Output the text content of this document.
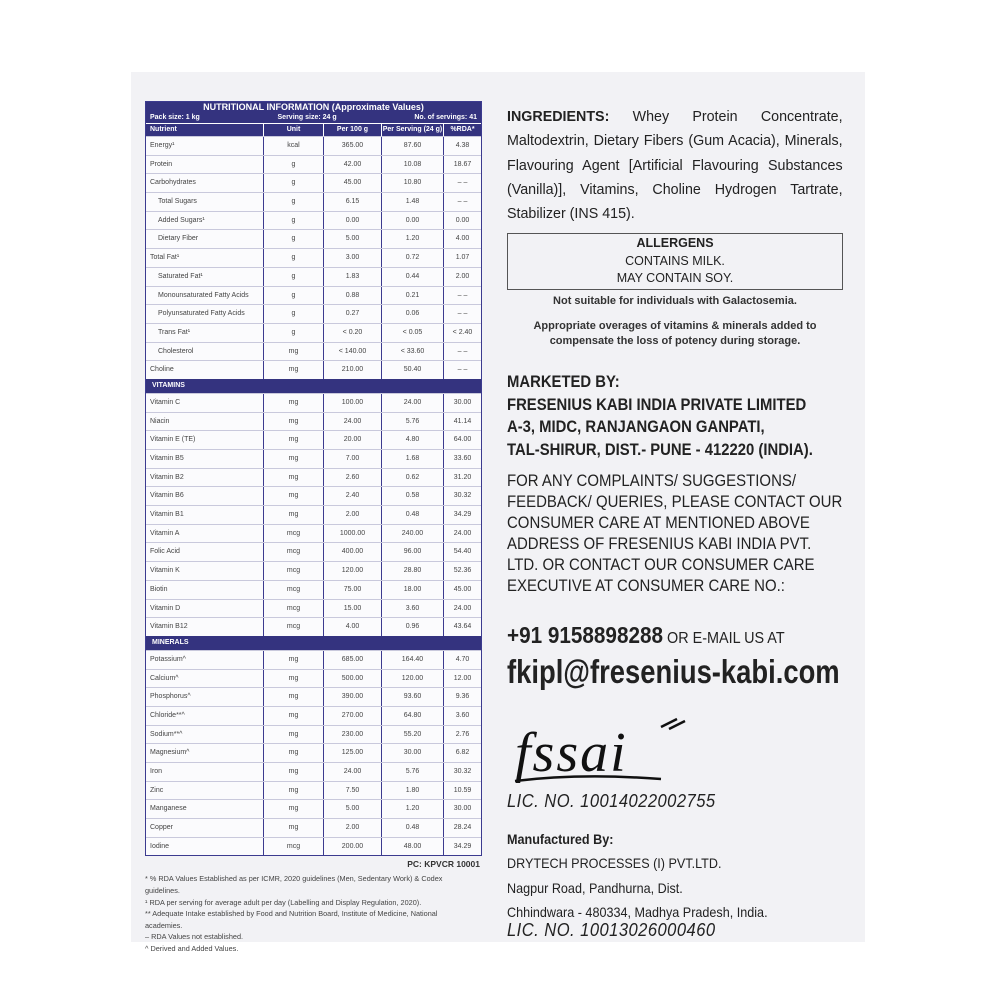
NUTRITIONAL INFORMATION (Approximate Values)
Pack size: 1 kg	Serving size: 24 g	No. of servings: 41
Nutrient	Unit	Per 100 g	Per Serving (24 g)	%RDA*
Energy¹	kcal	365.00	87.60	4.38
Protein	g	42.00	10.08	18.67
Carbohydrates	g	45.00	10.80	– –
Total Sugars	g	6.15	1.48	– –
Added Sugars¹	g	0.00	0.00	0.00
Dietary Fiber	g	5.00	1.20	4.00
Total Fat¹	g	3.00	0.72	1.07
Saturated Fat¹	g	1.83	0.44	2.00
Monounsaturated Fatty Acids	g	0.88	0.21	– –
Polyunsaturated Fatty Acids	g	0.27	0.06	– –
Trans Fat¹	g	< 0.20	< 0.05	< 2.40
Cholesterol	mg	< 140.00	< 33.60	– –
Choline	mg	210.00	50.40	– –
VITAMINS
Vitamin C	mg	100.00	24.00	30.00
Niacin	mg	24.00	5.76	41.14
Vitamin E (TE)	mg	20.00	4.80	64.00
Vitamin B5	mg	7.00	1.68	33.60
Vitamin B2	mg	2.60	0.62	31.20
Vitamin B6	mg	2.40	0.58	30.32
Vitamin B1	mg	2.00	0.48	34.29
Vitamin A	mcg	1000.00	240.00	24.00
Folic Acid	mcg	400.00	96.00	54.40
Vitamin K	mcg	120.00	28.80	52.36
Biotin	mcg	75.00	18.00	45.00
Vitamin D	mcg	15.00	3.60	24.00
Vitamin B12	mcg	4.00	0.96	43.64
MINERALS
Potassium^	mg	685.00	164.40	4.70
Calcium^	mg	500.00	120.00	12.00
Phosphorus^	mg	390.00	93.60	9.36
Chloride**^	mg	270.00	64.80	3.60
Sodium**^	mg	230.00	55.20	2.76
Magnesium^	mg	125.00	30.00	6.82
Iron	mg	24.00	5.76	30.32
Zinc	mg	7.50	1.80	10.59
Manganese	mg	5.00	1.20	30.00
Copper	mg	2.00	0.48	28.24
Iodine	mcg	200.00	48.00	34.29
PC: KPVCR 10001
* % RDA Values Established as per ICMR, 2020 guidelines (Men, Sedentary Work) & Codex guidelines.
¹ RDA per serving for average adult per day (Labelling and Display Regulation, 2020).
** Adequate Intake established by Food and Nutrition Board, Institute of Medicine, National academies.
– RDA Values not established.
^ Derived and Added Values.
INGREDIENTS: Whey Protein Concentrate, Maltodextrin, Dietary Fibers (Gum Acacia), Minerals, Flavouring Agent [Artificial Flavouring Substances (Vanilla)], Vitamins, Choline Hydrogen Tartrate, Stabilizer (INS 415).
ALLERGENS
CONTAINS MILK.
MAY CONTAIN SOY.
Not suitable for individuals with Galactosemia.
Appropriate overages of vitamins & minerals added to compensate the loss of potency during storage.
MARKETED BY:
FRESENIUS KABI INDIA PRIVATE LIMITED
A-3, MIDC, RANJANGAON GANPATI,
TAL-SHIRUR, DIST.- PUNE - 412220 (INDIA).
FOR ANY COMPLAINTS/ SUGGESTIONS/ FEEDBACK/ QUERIES, PLEASE CONTACT OUR CONSUMER CARE AT MENTIONED ABOVE ADDRESS OF FRESENIUS KABI INDIA PVT. LTD. OR CONTACT OUR CONSUMER CARE EXECUTIVE AT CONSUMER CARE NO.:
+91 9158898288 OR E-MAIL US AT
fkipl@fresenius-kabi.com
fssai
LIC. NO. 10014022002755
Manufactured By:
DRYTECH PROCESSES (I) PVT.LTD.
Nagpur Road, Pandhurna, Dist.
Chhindwara - 480334, Madhya Pradesh, India.
LIC. NO. 10013026000460
